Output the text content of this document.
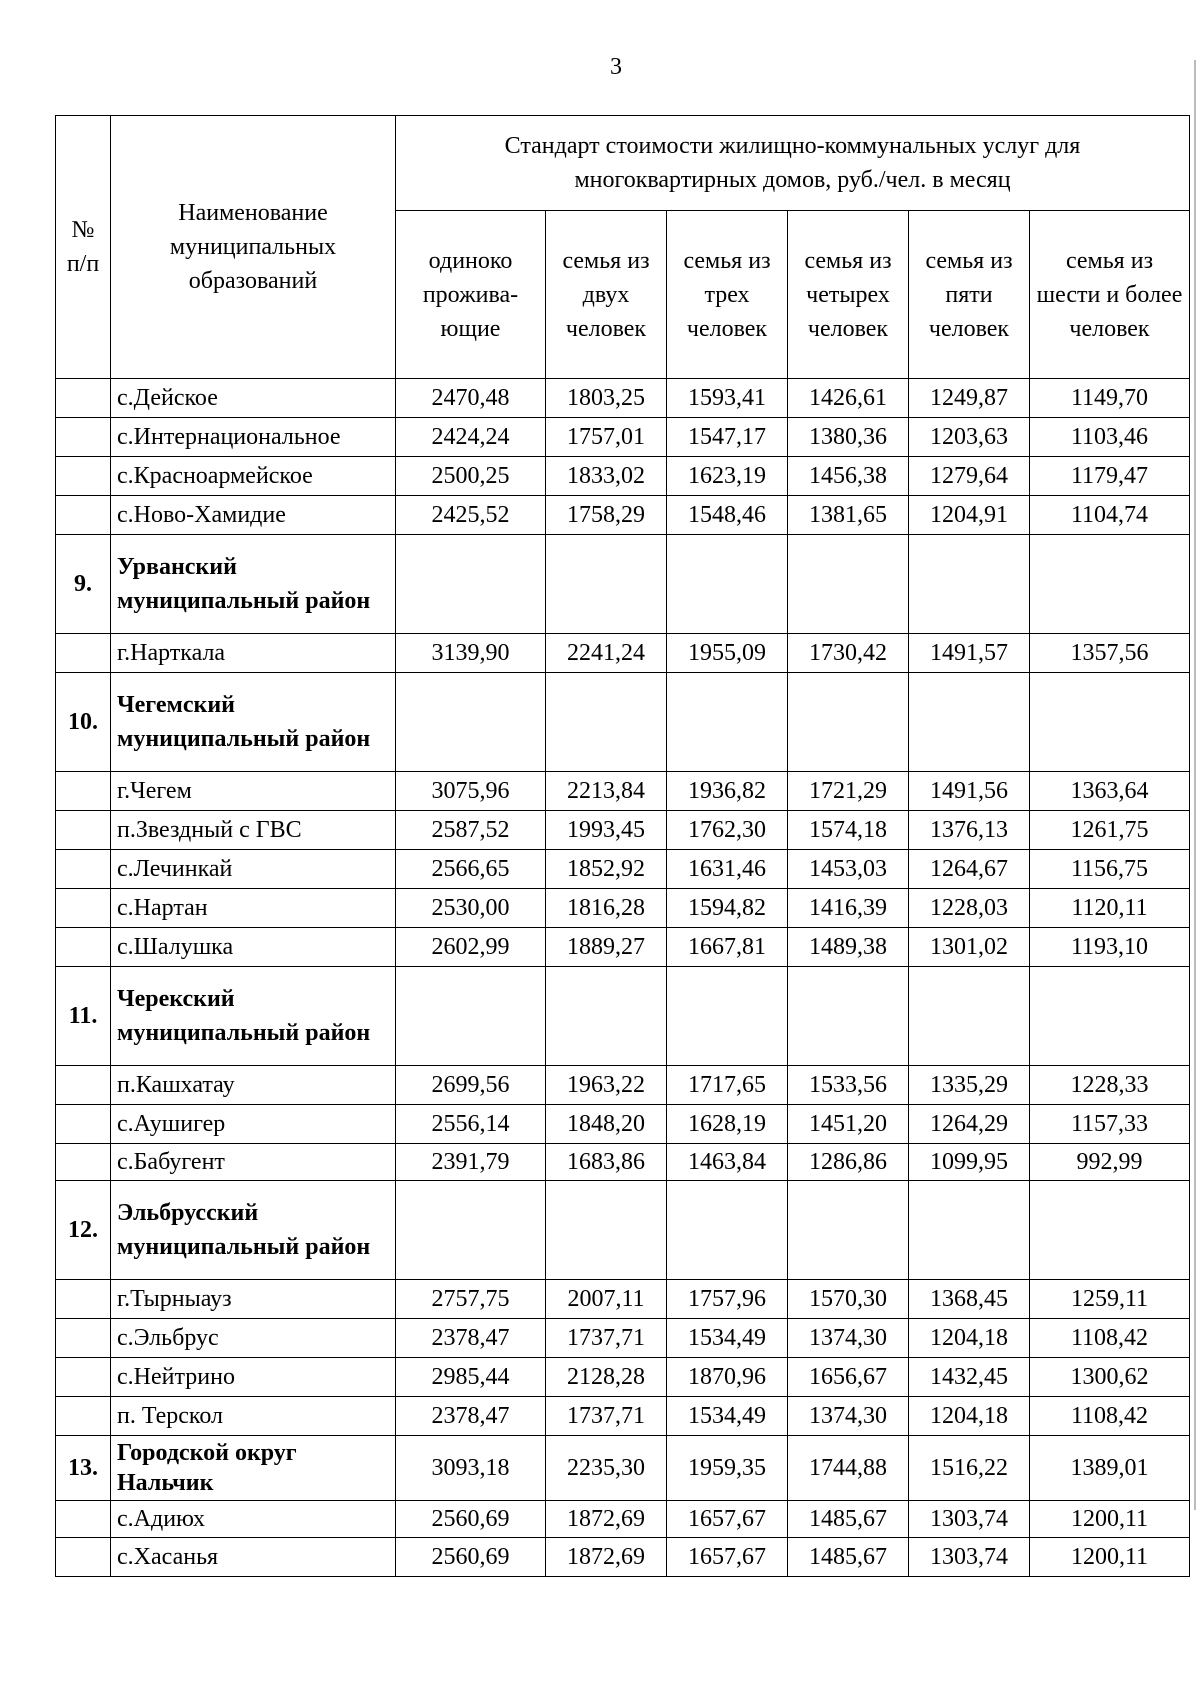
3
№ п/п	Наименование муниципальных образований	Стандарт стоимости жилищно-коммунальных услуг для многоквартирных домов, руб./чел. в месяц					
		одиноко прожива-ющие	семья из двух человек	семья из трех человек	семья из четырех человек	семья из пяти человек	семья из шести и более человек
	с.Дейское	2470,48	1803,25	1593,41	1426,61	1249,87	1149,70
	с.Интернациональное	2424,24	1757,01	1547,17	1380,36	1203,63	1103,46
	с.Красноармейское	2500,25	1833,02	1623,19	1456,38	1279,64	1179,47
	с.Ново-Хамидие	2425,52	1758,29	1548,46	1381,65	1204,91	1104,74
9.	Урванский муниципальный район						
	г.Нарткала	3139,90	2241,24	1955,09	1730,42	1491,57	1357,56
10.	Чегемский муниципальный район						
	г.Чегем	3075,96	2213,84	1936,82	1721,29	1491,56	1363,64
	п.Звездный с ГВС	2587,52	1993,45	1762,30	1574,18	1376,13	1261,75
	с.Лечинкай	2566,65	1852,92	1631,46	1453,03	1264,67	1156,75
	с.Нартан	2530,00	1816,28	1594,82	1416,39	1228,03	1120,11
	с.Шалушка	2602,99	1889,27	1667,81	1489,38	1301,02	1193,10
11.	Черекский муниципальный район						
	п.Кашхатау	2699,56	1963,22	1717,65	1533,56	1335,29	1228,33
	с.Аушигер	2556,14	1848,20	1628,19	1451,20	1264,29	1157,33
	с.Бабугент	2391,79	1683,86	1463,84	1286,86	1099,95	992,99
12.	Эльбрусский муниципальный район						
	г.Тырныауз	2757,75	2007,11	1757,96	1570,30	1368,45	1259,11
	с.Эльбрус	2378,47	1737,71	1534,49	1374,30	1204,18	1108,42
	с.Нейтрино	2985,44	2128,28	1870,96	1656,67	1432,45	1300,62
	п. Терскол	2378,47	1737,71	1534,49	1374,30	1204,18	1108,42
13.	Городской округ Нальчик	3093,18	2235,30	1959,35	1744,88	1516,22	1389,01
	с.Адиюх	2560,69	1872,69	1657,67	1485,67	1303,74	1200,11
	с.Хасанья	2560,69	1872,69	1657,67	1485,67	1303,74	1200,11
